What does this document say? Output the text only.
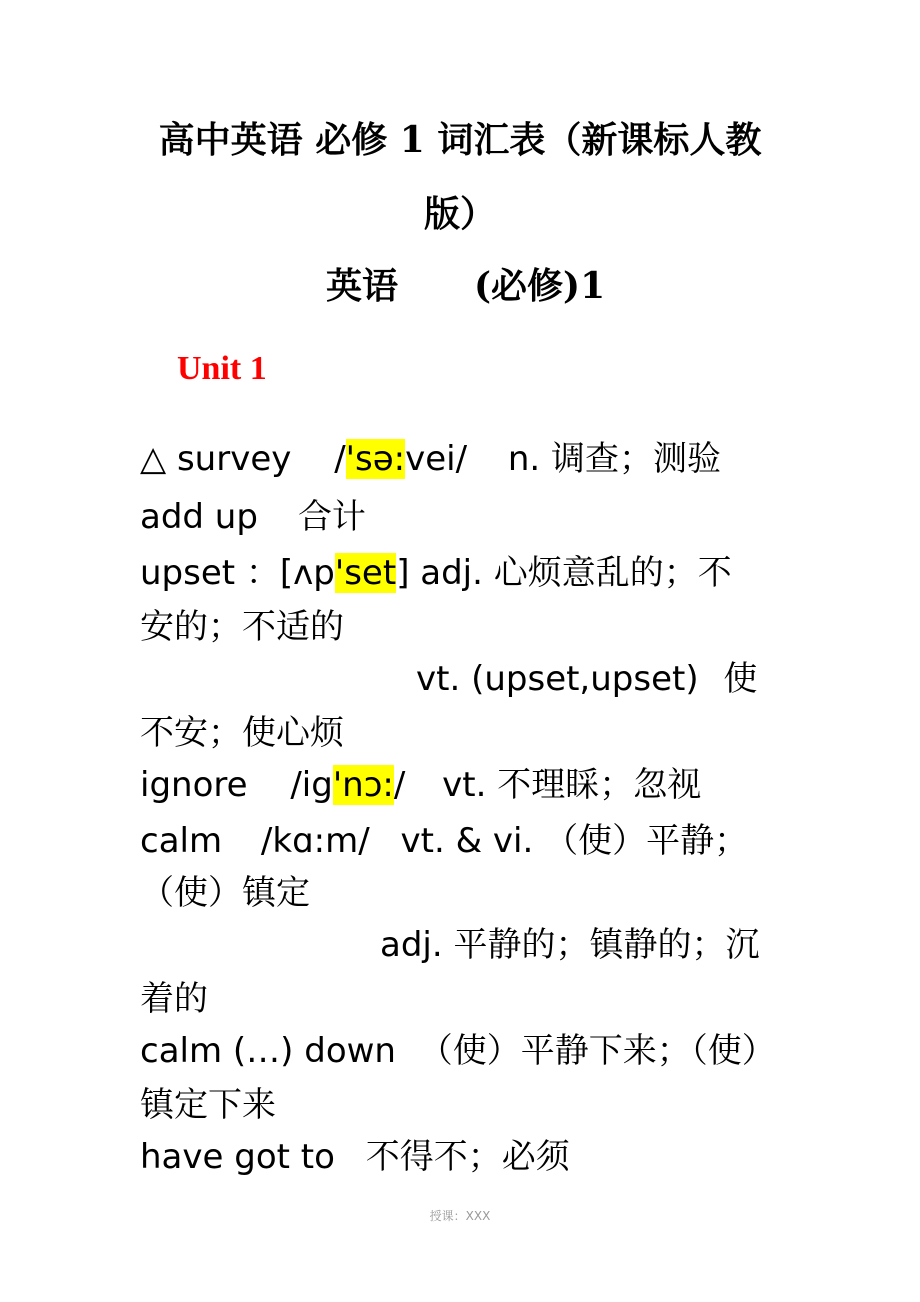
高中英语 必修 1 词汇表（新课标人教
版）
英语 (必修)1
Unit 1
△ survey /'sə:vei/ n. 调查；测验
add up 合计
upset ：[ʌp'set] adj. 心烦意乱的；不
安的；不适的
vt. (upset,upset) 使
不安；使心烦
ignore /ig'nɔ:/ vt. 不理睬；忽视
calm /kɑ:m/ vt. & vi. （使）平静；
（使）镇定
adj. 平静的；镇静的；沉
着的
calm (…) down （使）平静下来；（使）
镇定下来
have got to 不得不；必须
授课：XXX
